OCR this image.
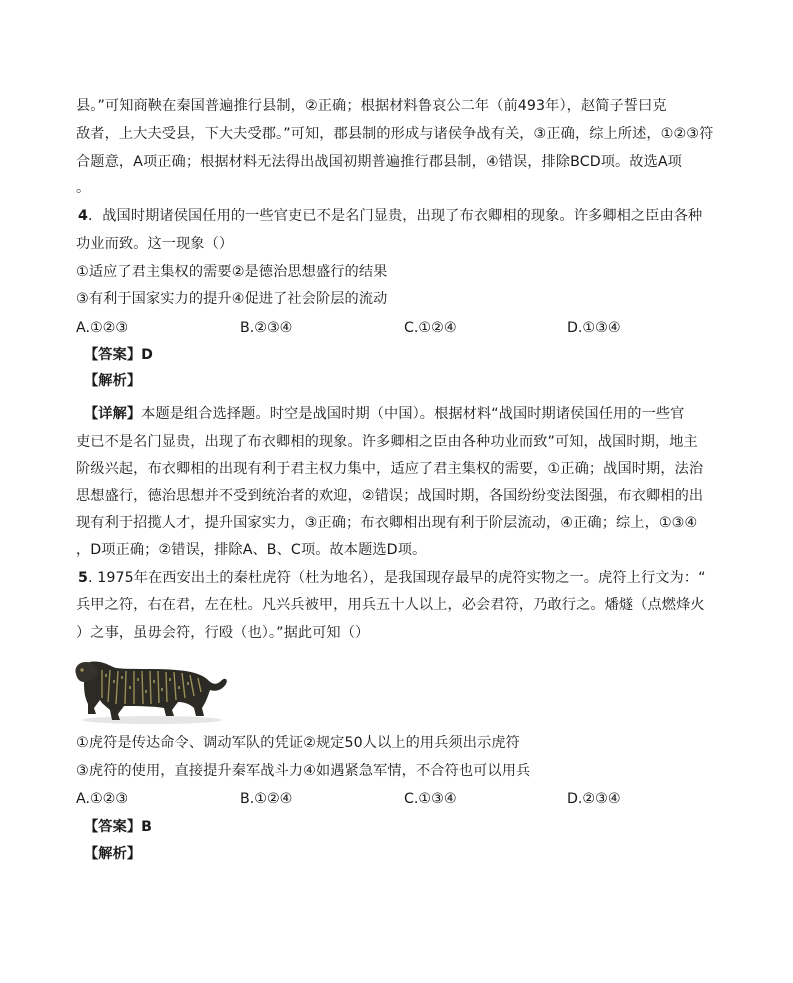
县。”可知商鞅在秦国普遍推行县制，②正确；根据材料鲁哀公二年（前493年），赵简子誓曰克
敌者，上大夫受县，下大夫受郡。”可知，郡县制的形成与诸侯争战有关，③正确，综上所述，①②③符
合题意，A项正确；根据材料无法得出战国初期普遍推行郡县制，④错误，排除BCD项。故选A项
。
4．战国时期诸侯国任用的一些官吏已不是名门显贵，出现了布衣卿相的现象。许多卿相之臣由各种
功业而致。这一现象（）
①适应了君主集权的需要②是德治思想盛行的结果
③有利于国家实力的提升④促进了社会阶层的流动
A.①②③	B.②③④	C.①②④	D.①③④
【答案】D
【解析】
【详解】本题是组合选择题。时空是战国时期（中国）。根据材料“战国时期诸侯国任用的一些官
吏已不是名门显贵，出现了布衣卿相的现象。许多卿相之臣由各种功业而致”可知，战国时期，地主
阶级兴起，布衣卿相的出现有利于君主权力集中，适应了君主集权的需要，①正确；战国时期，法治
思想盛行，德治思想并不受到统治者的欢迎，②错误；战国时期，各国纷纷变法图强，布衣卿相的出
现有利于招揽人才，提升国家实力，③正确；布衣卿相出现有利于阶层流动，④正确；综上，①③④
，D项正确；②错误，排除A、B、C项。故本题选D项。
5. 1975年在西安出土的秦杜虎符（杜为地名），是我国现存最早的虎符实物之一。虎符上行文为：“
兵甲之符，右在君，左在杜。凡兴兵被甲，用兵五十人以上，必会君符，乃敢行之。燔燧（点燃烽火
）之事，虽毋会符，行殴（也）。”据此可知（）
①虎符是传达命令、调动军队的凭证②规定50人以上的用兵须出示虎符
③虎符的使用，直接提升秦军战斗力④如遇紧急军情，不合符也可以用兵
A.①②③	B.①②④	C.①③④	D.②③④
【答案】B
【解析】
